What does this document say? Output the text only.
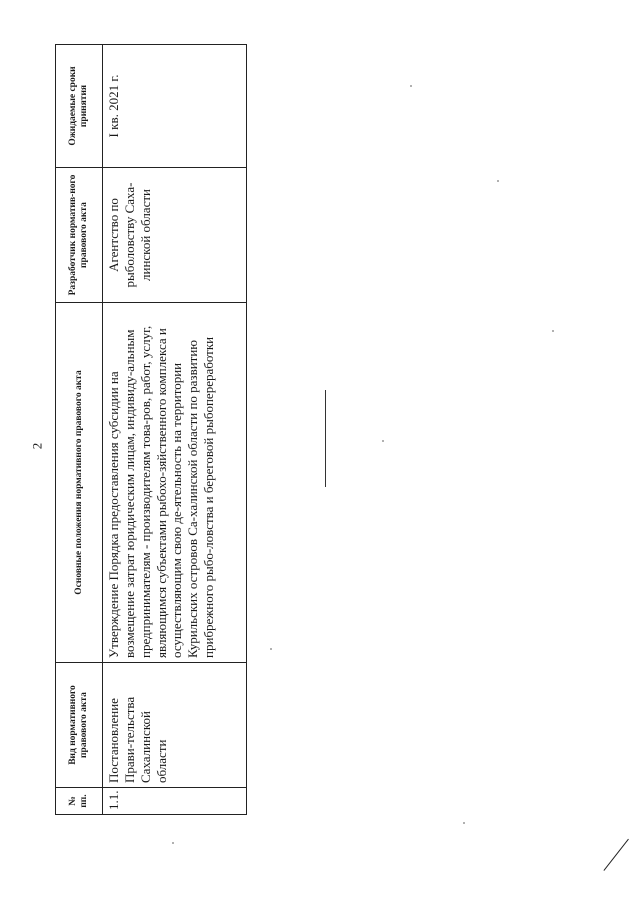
2
№ пп.	Вид нормативного правового акта	Основные положения нормативного правового акта	Разработчик норматив-ного правового акта	Ожидаемые сроки принятия
1.1.	Постановление Прави-тельства Сахалинской области	Утверждение Порядка предоставления субсидии на возмещение затрат юридическим лицам, индивиду-альным предпринимателям - производителям това-ров, работ, услуг, являющимся субъектами рыбохо-зяйственного комплекса и осуществляющим свою де-ятельность на территории Курильских островов Са-халинской области по развитию прибрежного рыбо-ловства и береговой рыбопереработки	Агентство по рыболовству Саха-линской области	I кв. 2021 г.
